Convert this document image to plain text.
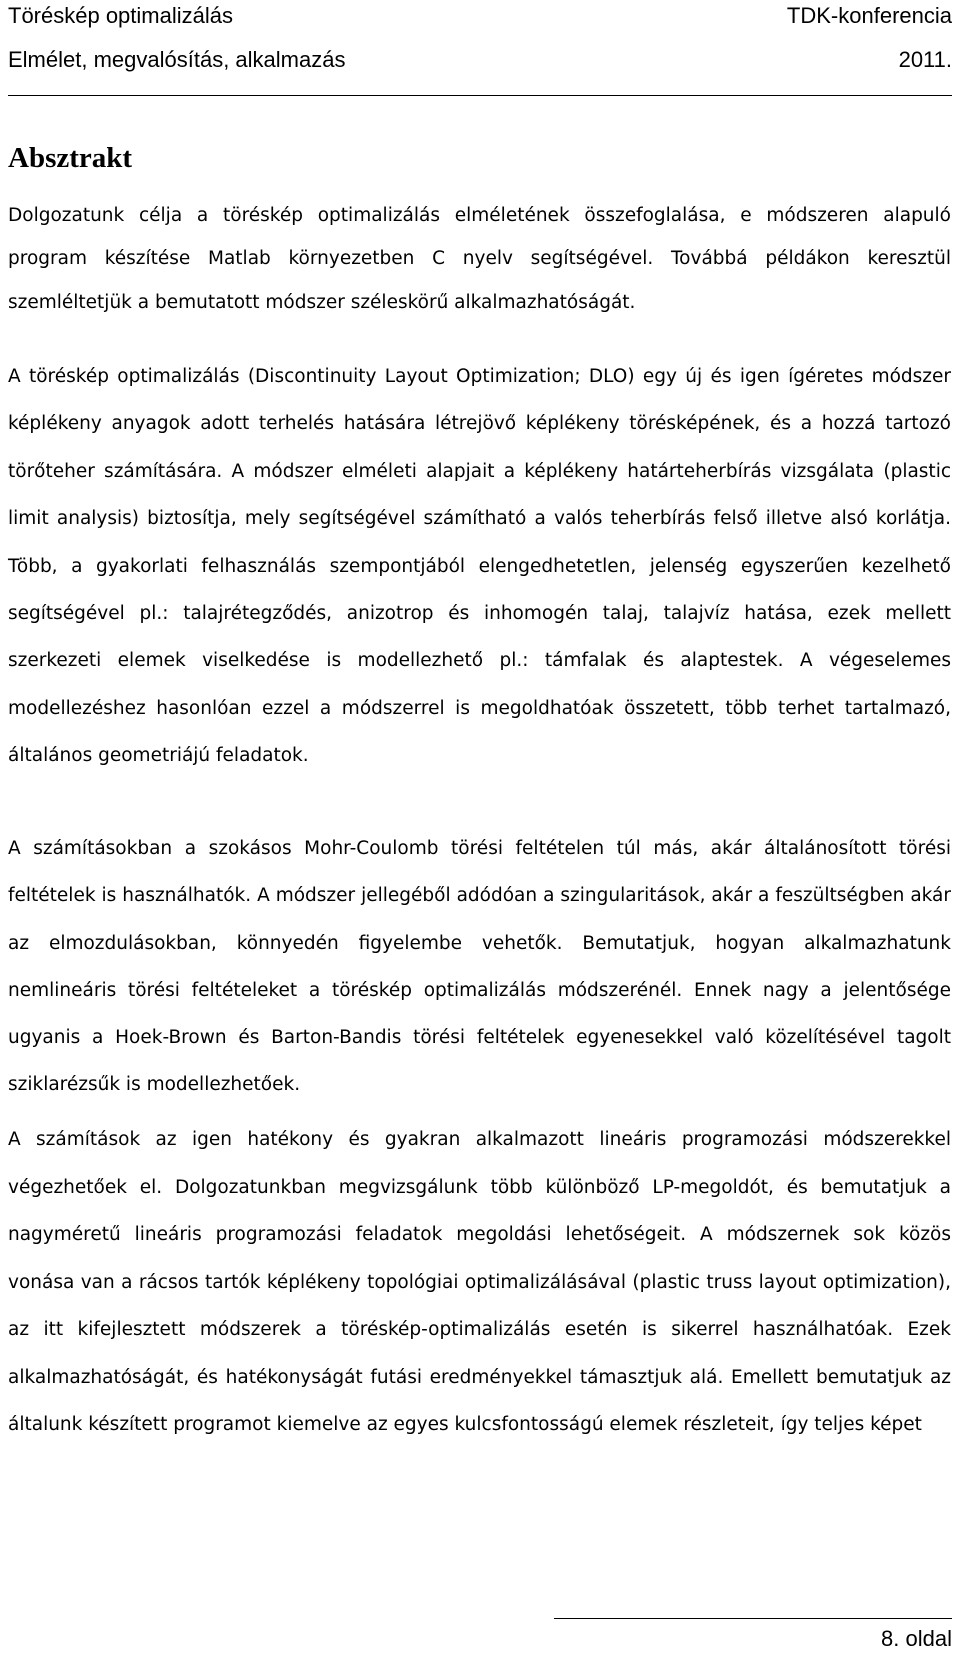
Töréskép optimalizálás	TDK-konferencia
Elmélet, megvalósítás, alkalmazás	2011.
Absztrakt

Dolgozatunk célja a töréskép optimalizálás elméletének összefoglalása, e módszeren alapuló program készítése Matlab környezetben C nyelv segítségével. Továbbá példákon keresztül szemléltetjük a bemutatott módszer széleskörű alkalmazhatóságát.

A töréskép optimalizálás (Discontinuity Layout Optimization; DLO) egy új és igen ígéretes módszer képlékeny anyagok adott terhelés hatására létrejövő képlékeny törésképének, és a hozzá tartozó törőteher számítására. A módszer elméleti alapjait a képlékeny határteherbírás vizsgálata (plastic limit analysis) biztosítja, mely segítségével számítható a valós teherbírás felső illetve alsó korlátja. Több, a gyakorlati felhasználás szempontjából elengedhetetlen, jelenség egyszerűen kezelhető segítségével pl.: talajrétegződés, anizotrop és inhomogén talaj, talajvíz hatása, ezek mellett szerkezeti elemek viselkedése is modellezhető pl.: támfalak és alaptestek. A végeselemes modellezéshez hasonlóan ezzel a módszerrel is megoldhatóak összetett, több terhet tartalmazó, általános geometriájú feladatok.

A számításokban a szokásos Mohr-Coulomb törési feltételen túl más, akár általánosított törési feltételek is használhatók. A módszer jellegéből adódóan a szingularitások, akár a feszültségben akár az elmozdulásokban, könnyedén figyelembe vehetők. Bemutatjuk, hogyan alkalmazhatunk nemlineáris törési feltételeket a töréskép optimalizálás módszerénél. Ennek nagy a jelentősége ugyanis a Hoek-Brown és Barton-Bandis törési feltételek egyenesekkel való közelítésével tagolt sziklarézsűk is modellezhetőek.

A számítások az igen hatékony és gyakran alkalmazott lineáris programozási módszerekkel végezhetőek el. Dolgozatunkban megvizsgálunk több különböző LP-megoldót, és bemutatjuk a nagyméretű lineáris programozási feladatok megoldási lehetőségeit. A módszernek sok közös vonása van a rácsos tartók képlékeny topológiai optimalizálásával (plastic truss layout optimization), az itt kifejlesztett módszerek a töréskép-optimalizálás esetén is sikerrel használhatóak. Ezek alkalmazhatóságát, és hatékonyságát futási eredményekkel támasztjuk alá. Emellett bemutatjuk az általunk készített programot kiemelve az egyes kulcsfontosságú elemek részleteit, így teljes képet

8. oldal
